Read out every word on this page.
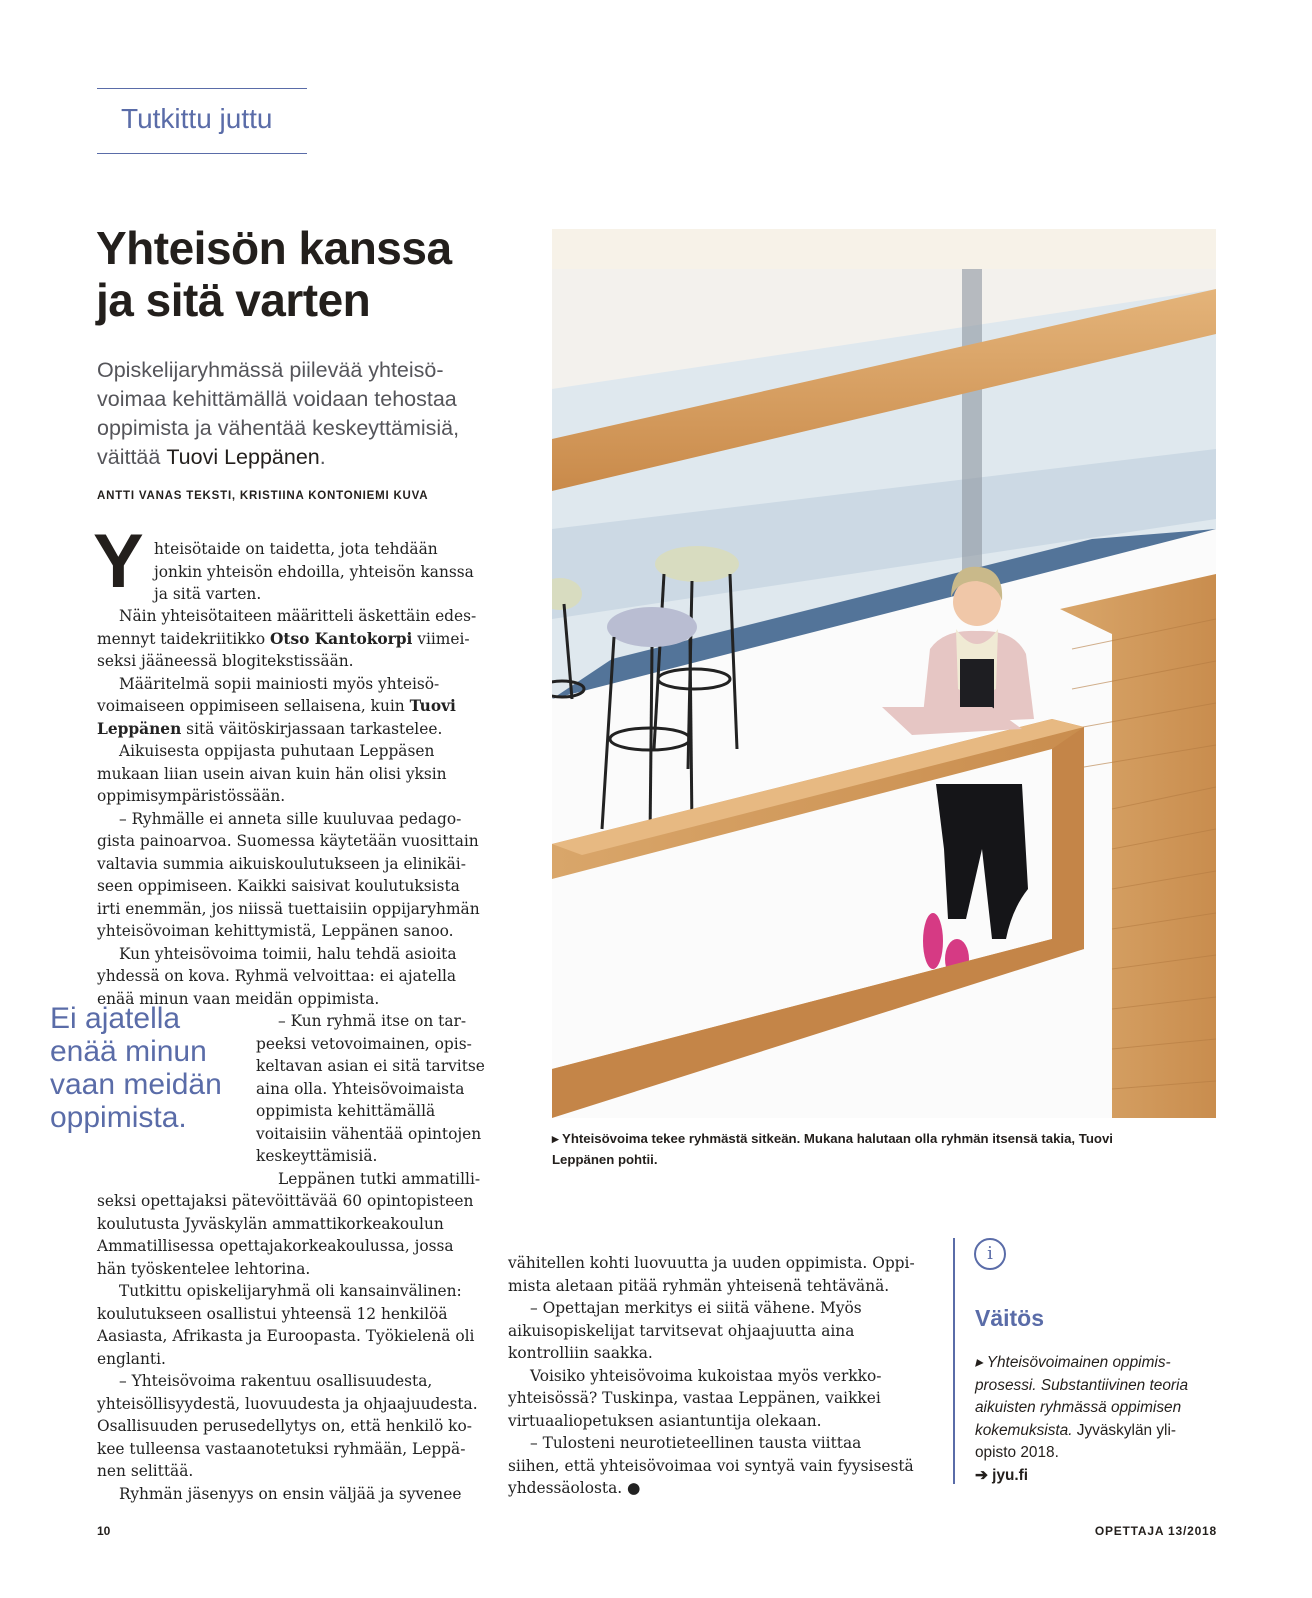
Tutkittu juttu
Yhteisön kanssa
ja sitä varten
Opiskelijaryhmässä piilevää yhteisö-
voimaa kehittämällä voidaan tehostaa
oppimista ja vähentää keskeyttämisiä,
väittää Tuovi Leppänen.
ANTTI VANAS TEKSTI, KRISTIINA KONTONIEMI KUVA
Y hteisötaide on taidetta, jota tehdään
jonkin yhteisön ehdoilla, yhteisön kanssa
ja sitä varten.
Näin yhteisötaiteen määritteli äskettäin edes-
mennyt taidekriitikko Otso Kantokorpi viimei-
seksi jääneessä blogitekstissään.
Määritelmä sopii mainiosti myös yhteisö-
voimaiseen oppimiseen sellaisena, kuin Tuovi
Leppänen sitä väitöskirjassaan tarkastelee.
Aikuisesta oppijasta puhutaan Leppäsen
mukaan liian usein aivan kuin hän olisi yksin
oppimisympäristössään.
– Ryhmälle ei anneta sille kuuluvaa pedago-
gista painoarvoa. Suomessa käytetään vuosittain
valtavia summia aikuiskoulutukseen ja elinikäi-
seen oppimiseen. Kaikki saisivat koulutuksista
irti enemmän, jos niissä tuettaisiin oppijaryhmän
yhteisövoiman kehittymistä, Leppänen sanoo.
Kun yhteisövoima toimii, halu tehdä asioita
yhdessä on kova. Ryhmä velvoittaa: ei ajatella
enää minun vaan meidän oppimista.
Ei ajatella
enää minun
vaan meidän
oppimista.
– Kun ryhmä itse on tar-
peeksi vetovoimainen, opis-
keltavan asian ei sitä tarvitse
aina olla. Yhteisövoimaista
oppimista kehittämällä
voitaisiin vähentää opintojen
keskeyttämisiä.
Leppänen tutki ammatilli-
seksi opettajaksi pätevöittävää 60 opintopisteen
koulutusta Jyväskylän ammattikorkeakoulun
Ammatillisessa opettajakorkeakoulussa, jossa
hän työskentelee lehtorina.
Tutkittu opiskelijaryhmä oli kansainvälinen:
koulutukseen osallistui yhteensä 12 henkilöä
Aasiasta, Afrikasta ja Euroopasta. Työkielenä oli
englanti.
– Yhteisövoima rakentuu osallisuudesta,
yhteisöllisyydestä, luovuudesta ja ohjaajuudesta.
Osallisuuden perusedellytys on, että henkilö ko-
kee tulleensa vastaanotetuksi ryhmään, Leppä-
nen selittää.
Ryhmän jäsenyys on ensin väljää ja syvenee
vähitellen kohti luovuutta ja uuden oppimista. Oppi-
mista aletaan pitää ryhmän yhteisenä tehtävänä.
– Opettajan merkitys ei siitä vähene. Myös
aikuisopiskelijat tarvitsevat ohjaajuutta aina
kontrolliin saakka.
Voisiko yhteisövoima kukoistaa myös verkko-
yhteisössä? Tuskinpa, vastaa Leppänen, vaikkei
virtuaaliopetuksen asiantuntija olekaan.
– Tulosteni neurotieteellinen tausta viittaa
siihen, että yhteisövoimaa voi syntyä vain fyysisestä
yhdessäolosta. ●
▸ Yhteisövoima tekee ryhmästä sitkeän. Mukana halutaan olla ryhmän itsensä takia, Tuovi
Leppänen pohtii.
i
Väitös
▸ Yhteisövoimainen oppimis-
prosessi. Substantiivinen teoria
aikuisten ryhmässä oppimisen
kokemuksista. Jyväskylän yli-
opisto 2018.
➔ jyu.fi
10	OPETTAJA 13/2018
